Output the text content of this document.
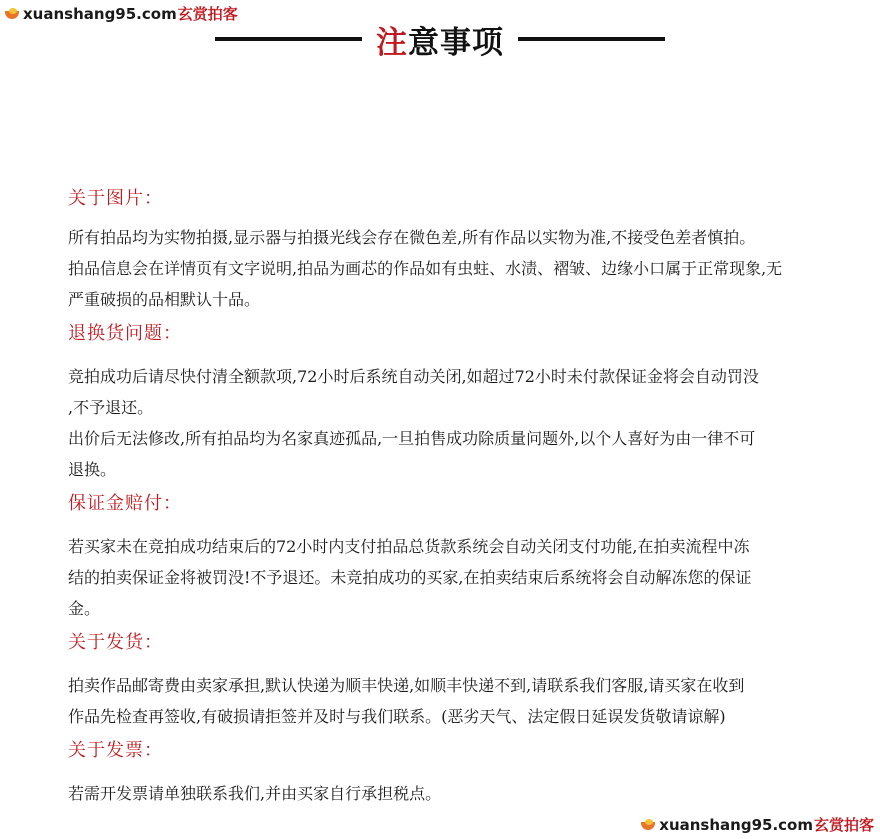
xuanshang95.com 玄赏拍客
注意事项
关于图片：
所有拍品均为实物拍摄,显示器与拍摄光线会存在微色差,所有作品以实物为准,不接受色差者慎拍。
拍品信息会在详情页有文字说明,拍品为画芯的作品如有虫蛀、水渍、褶皱、边缘小口属于正常现象,无
严重破损的品相默认十品。
退换货问题：
竞拍成功后请尽快付清全额款项,72小时后系统自动关闭,如超过72小时未付款保证金将会自动罚没
,不予退还。
出价后无法修改,所有拍品均为名家真迹孤品,一旦拍售成功除质量问题外,以个人喜好为由一律不可
退换。
保证金赔付：
若买家未在竞拍成功结束后的72小时内支付拍品总货款系统会自动关闭支付功能,在拍卖流程中冻
结的拍卖保证金将被罚没!不予退还。未竞拍成功的买家,在拍卖结束后系统将会自动解冻您的保证
金。
关于发货：
拍卖作品邮寄费由卖家承担,默认快递为顺丰快递,如顺丰快递不到,请联系我们客服,请买家在收到
作品先检查再签收,有破损请拒签并及时与我们联系。(恶劣天气、法定假日延误发货敬请谅解)
关于发票：
若需开发票请单独联系我们,并由买家自行承担税点。
xuanshang95.com 玄赏拍客
